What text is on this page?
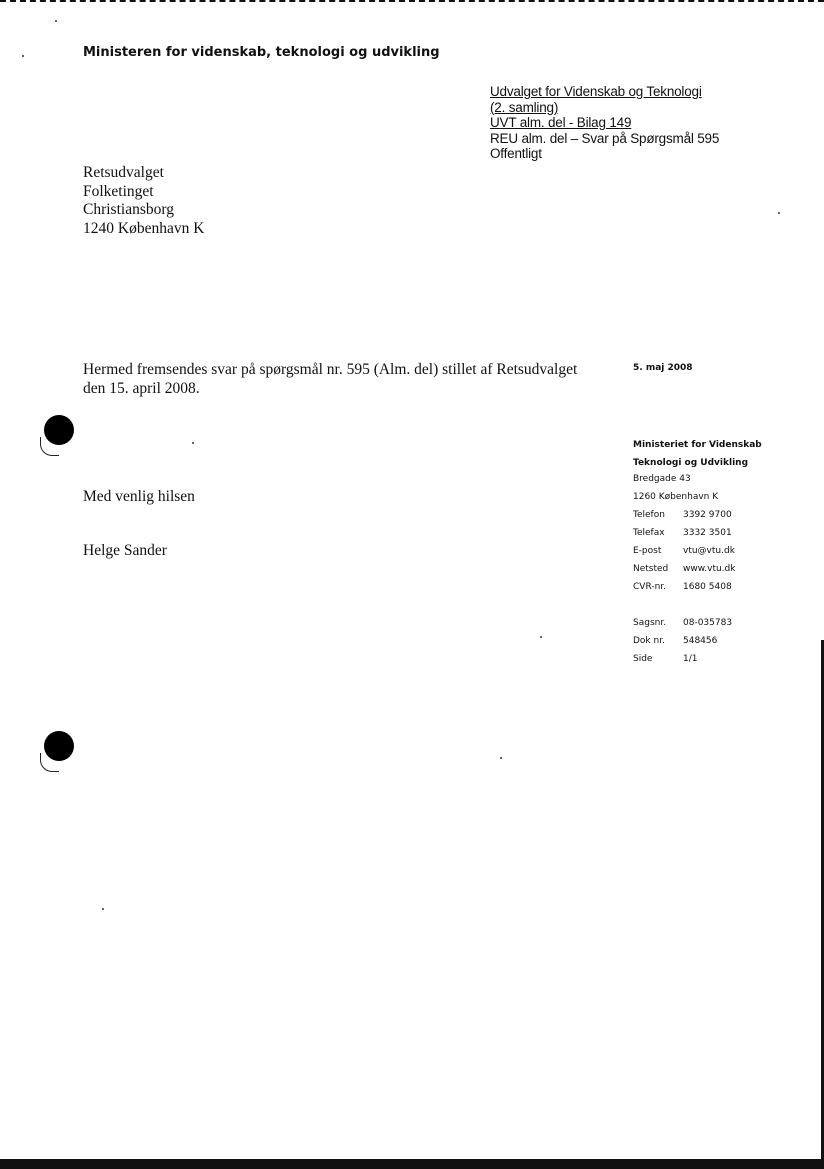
Ministeren for videnskab, teknologi og udvikling
Udvalget for Videnskab og Teknologi
(2. samling)
UVT alm. del - Bilag 149
REU alm. del – Svar på Spørgsmål 595
Offentligt
Retsudvalget
Folketinget
Christiansborg
1240 København K
Hermed fremsendes svar på spørgsmål nr. 595 (Alm. del) stillet af Retsudvalget den 15. april 2008.
Med venlig hilsen
Helge Sander
5. maj 2008
Ministeriet for Videnskab
Teknologi og Udvikling
Bredgade 43
1260 København K
Telefon	3392 9700
Telefax	3332 3501
E-post	vtu@vtu.dk
Netsted	www.vtu.dk
CVR-nr.	1680 5408
Sagsnr.	08-035783
Dok nr.	548456
Side	1/1
